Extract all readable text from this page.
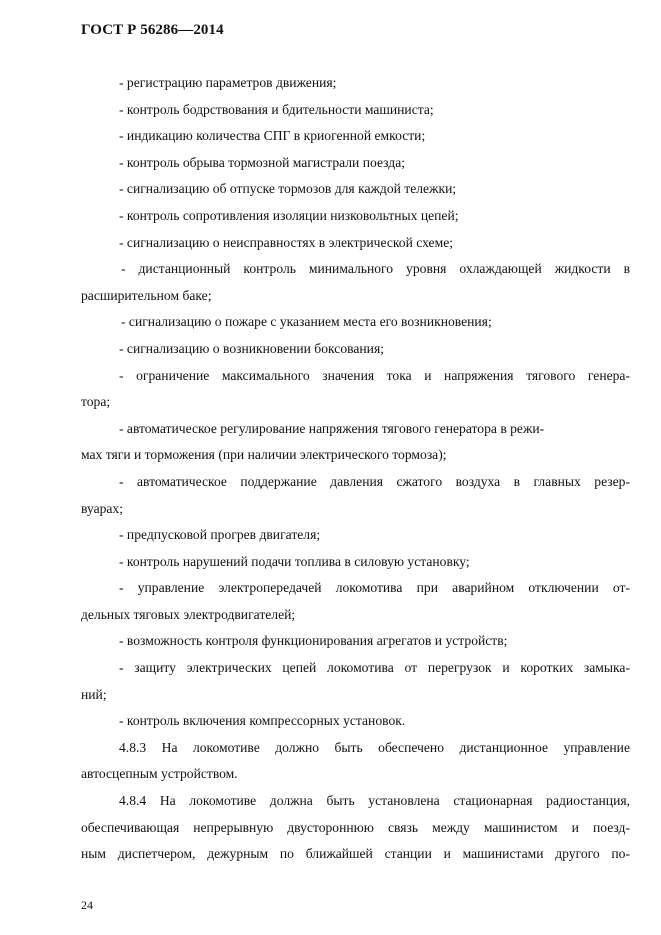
ГОСТ Р 56286—2014
- регистрацию параметров движения;
- контроль бодрствования и бдительности машиниста;
- индикацию количества СПГ в криогенной емкости;
- контроль обрыва тормозной магистрали поезда;
- сигнализацию об отпуске тормозов для каждой тележки;
- контроль сопротивления изоляции низковольтных цепей;
- сигнализацию о неисправностях в электрической схеме;
- дистанционный контроль минимального уровня охлаждающей жидкости в
расширительном баке;
- сигнализацию о пожаре с указанием места его возникновения;
- сигнализацию о возникновении боксования;
- ограничение максимального значения тока и напряжения тягового генера-
тора;
- автоматическое регулирование напряжения тягового генератора в режи-
мах тяги и торможения (при наличии электрического тормоза);
- автоматическое поддержание давления сжатого воздуха в главных резер-
вуарах;
- предпусковой прогрев двигателя;
- контроль нарушений подачи топлива в силовую установку;
- управление электропередачей локомотива при аварийном отключении от-
дельных тяговых электродвигателей;
- возможность контроля функционирования агрегатов и устройств;
- защиту электрических цепей локомотива от перегрузок и коротких замыка-
ний;
- контроль включения компрессорных установок.
4.8.3 На локомотиве должно быть обеспечено дистанционное управление
автосцепным устройством.
4.8.4 На локомотиве должна быть установлена стационарная радиостанция,
обеспечивающая непрерывную двустороннюю связь между машинистом и поезд-
ным диспетчером, дежурным по ближайшей станции и машинистами другого по-
24
